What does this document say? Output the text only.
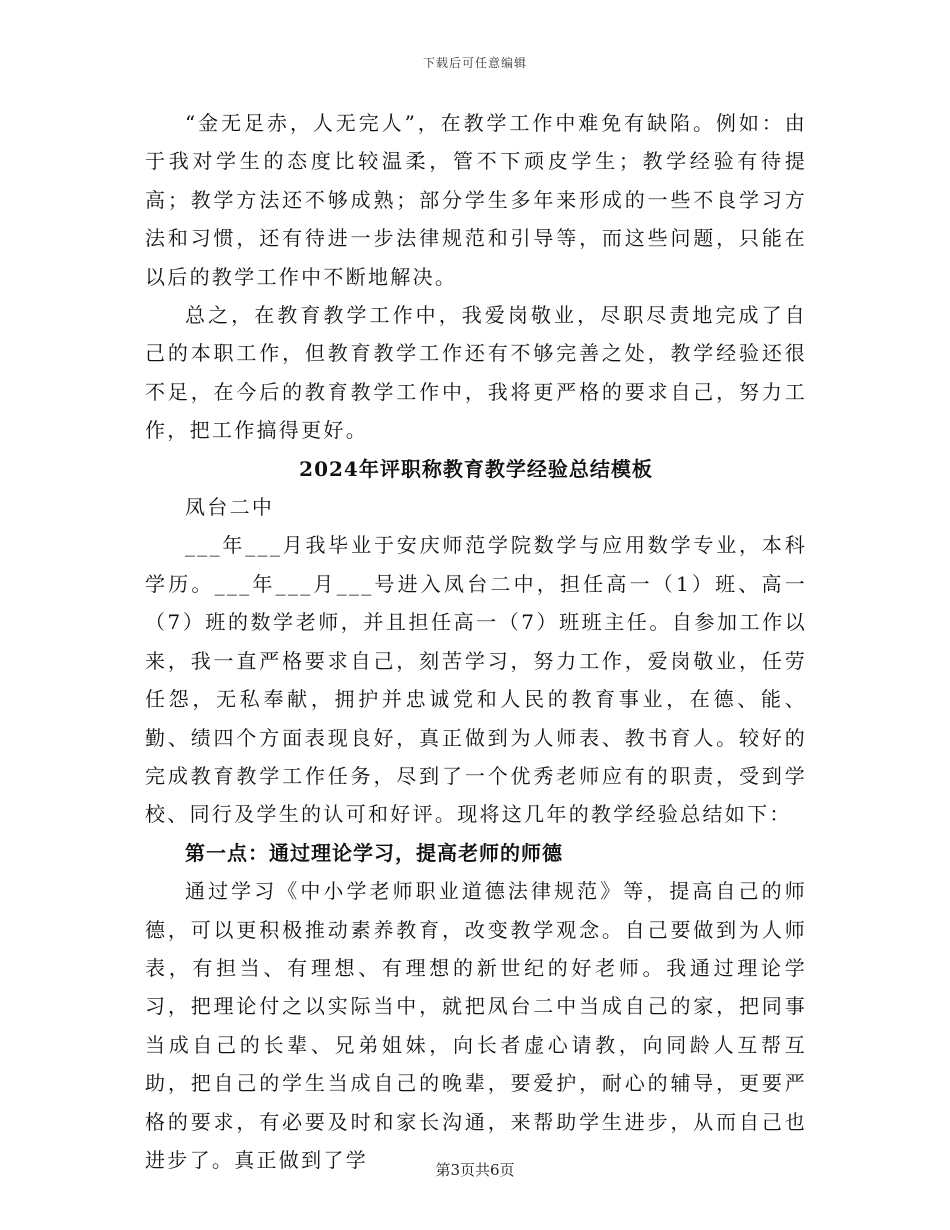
下载后可任意编辑

“金无足赤，人无完人”，在教学工作中难免有缺陷。例如：由于我对学生的态度比较温柔，管不下顽皮学生；教学经验有待提高；教学方法还不够成熟；部分学生多年来形成的一些不良学习方法和习惯，还有待进一步法律规范和引导等，而这些问题，只能在以后的教学工作中不断地解决。

总之，在教育教学工作中，我爱岗敬业，尽职尽责地完成了自己的本职工作，但教育教学工作还有不够完善之处，教学经验还很不足，在今后的教育教学工作中，我将更严格的要求自己，努力工作，把工作搞得更好。

2024年评职称教育教学经验总结模板

凤台二中

___年___月我毕业于安庆师范学院数学与应用数学专业，本科学历。___年___月___号进入凤台二中，担任高一（1）班、高一（7）班的数学老师，并且担任高一（7）班班主任。自参加工作以来，我一直严格要求自己，刻苦学习，努力工作，爱岗敬业，任劳任怨，无私奉献，拥护并忠诚党和人民的教育事业，在德、能、勤、绩四个方面表现良好，真正做到为人师表、教书育人。较好的完成教育教学工作任务，尽到了一个优秀老师应有的职责，受到学校、同行及学生的认可和好评。现将这几年的教学经验总结如下：

第一点：通过理论学习，提高老师的师德

通过学习《中小学老师职业道德法律规范》等，提高自己的师德，可以更积极推动素养教育，改变教学观念。自己要做到为人师表，有担当、有理想、有理想的新世纪的好老师。我通过理论学习，把理论付之以实际当中，就把凤台二中当成自己的家，把同事当成自己的长辈、兄弟姐妹，向长者虚心请教，向同龄人互帮互助，把自己的学生当成自己的晚辈，要爱护，耐心的辅导，更要严格的要求，有必要及时和家长沟通，来帮助学生进步，从而自己也进步了。真正做到了学	第3页共6页
